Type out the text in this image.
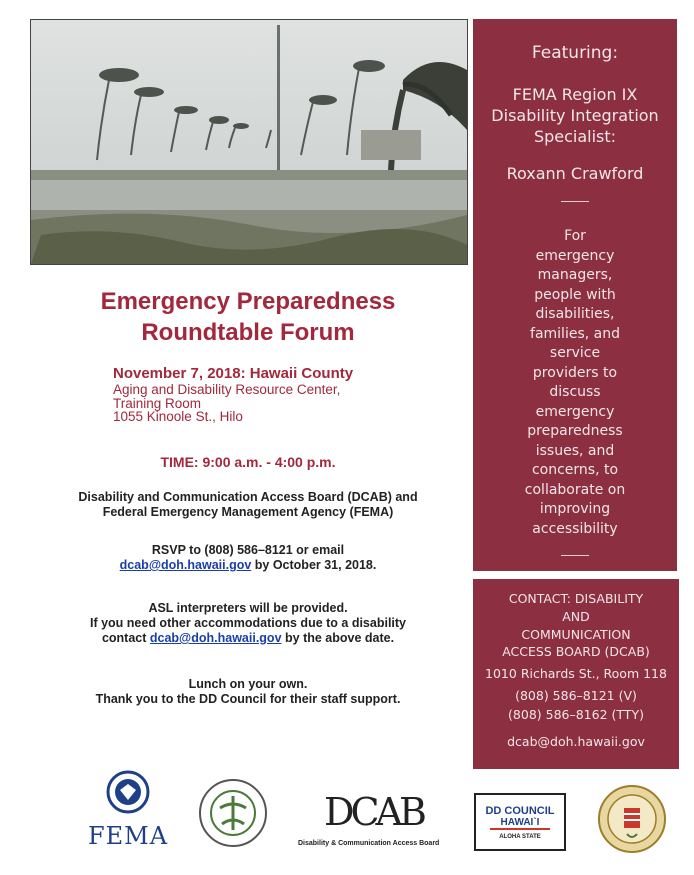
Featuring:
FEMA Region IX
Disability Integration
Specialist:
Roxann Crawford
For
emergency
managers,
people with
disabilities,
families, and
service
providers to
discuss
emergency
preparedness
issues, and
concerns, to
collaborate on
improving
accessibility
CONTACT: DISABILITY
AND
COMMUNICATION
ACCESS BOARD (DCAB)
1010 Richards St., Room 118
(808) 586–8121 (V)
(808) 586–8162 (TTY)
dcab@doh.hawaii.gov
Emergency Preparedness
Roundtable Forum
November 7, 2018: Hawaii County
Aging and Disability Resource Center,
Training Room
1055 Kinoole St., Hilo
TIME: 9:00 a.m. - 4:00 p.m.
Disability and Communication Access Board (DCAB) and
Federal Emergency Management Agency (FEMA)
RSVP to (808) 586–8121 or email
dcab@doh.hawaii.gov by October 31, 2018.
ASL interpreters will be provided.
If you need other accommodations due to a disability
contact dcab@doh.hawaii.gov by the above date.
Lunch on your own.
Thank you to the DD Council for their staff support.
FEMA
DCAB
Disability & Communication Access Board
DD COUNCIL
HAWAI`I
ALOHA STATE
